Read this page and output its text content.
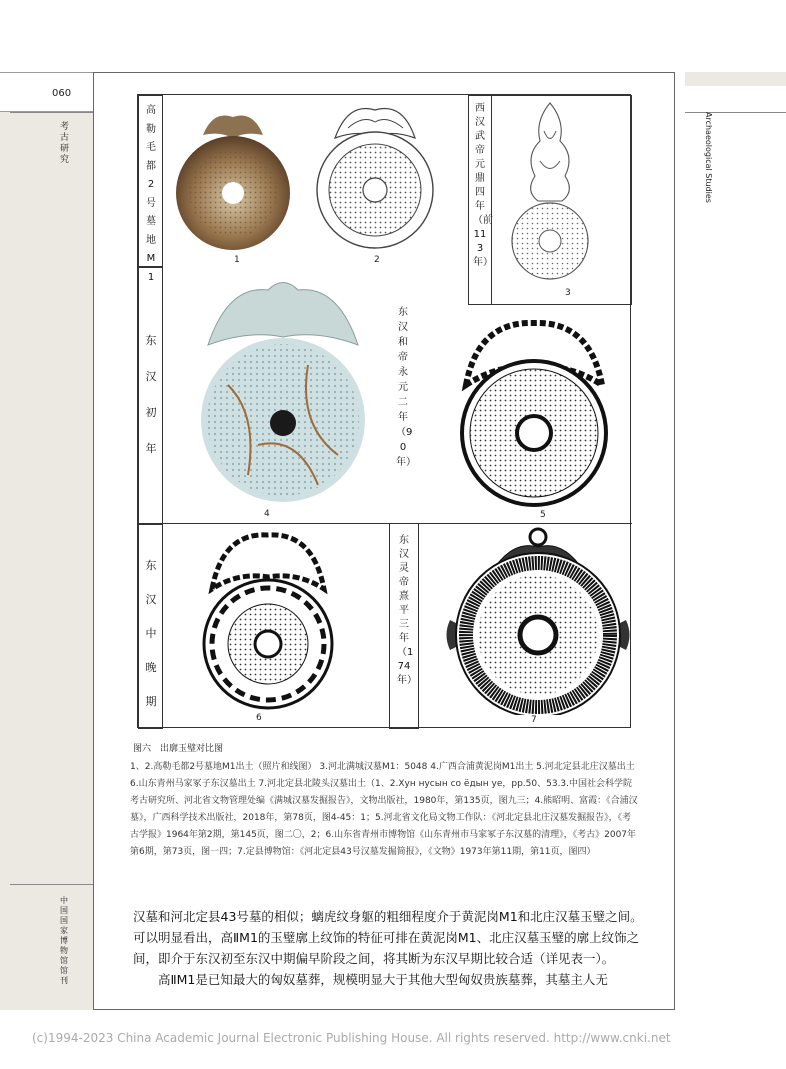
060
考古研究
中国国家博物馆馆刊
Archaeological Studies
高勒毛都2号墓地M1
西汉武帝元鼎四年（前113年）
东汉初年
东汉和帝永元二年（90年）
东汉中晚期
东汉灵帝熹平三年（174年）
1	2
3
4	5
6	7
图六　出廓玉璧对比图
1、2.高勒毛都2号墓地M1出土（照片和线图） 3.河北满城汉墓M1：5048 4.广西合浦黄泥岗M1出土 5.河北定县北庄汉墓出土 6.山东青州马家冢子东汉墓出土 7.河北定县北陵头汉墓出土（1、2.Хун нусын со ёдын уе，pp.50、53.3.中国社会科学院考古研究所、河北省文物管理处编《满城汉墓发掘报告》，文物出版社，1980年，第135页，图九三；4.熊昭明、富霞：《合浦汉墓》，广西科学技术出版社，2018年，第78页，图4-45：1；5.河北省文化局文物工作队：《河北定县北庄汉墓发掘报告》，《考古学报》1964年第2期，第145页，图二〇，2；6.山东省青州市博物馆《山东青州市马家冢子东汉墓的清理》，《考古》2007年第6期，第73页，图一四；7.定县博物馆：《河北定县43号汉墓发掘简报》，《文物》1973年第11期，第11页，图四）

汉墓和河北定县43号墓的相似；螭虎纹身躯的粗细程度介于黄泥岗M1和北庄汉墓玉璧之间。可以明显看出，高ⅡM1的玉璧廓上纹饰的特征可排在黄泥岗M1、北庄汉墓玉璧的廓上纹饰之间，即介于东汉初至东汉中期偏早阶段之间，将其断为东汉早期比较合适（详见表一）。

高ⅡM1是已知最大的匈奴墓葬，规模明显大于其他大型匈奴贵族墓葬，其墓主人无

(c)1994-2023 China Academic Journal Electronic Publishing House. All rights reserved. http://www.cnki.net
